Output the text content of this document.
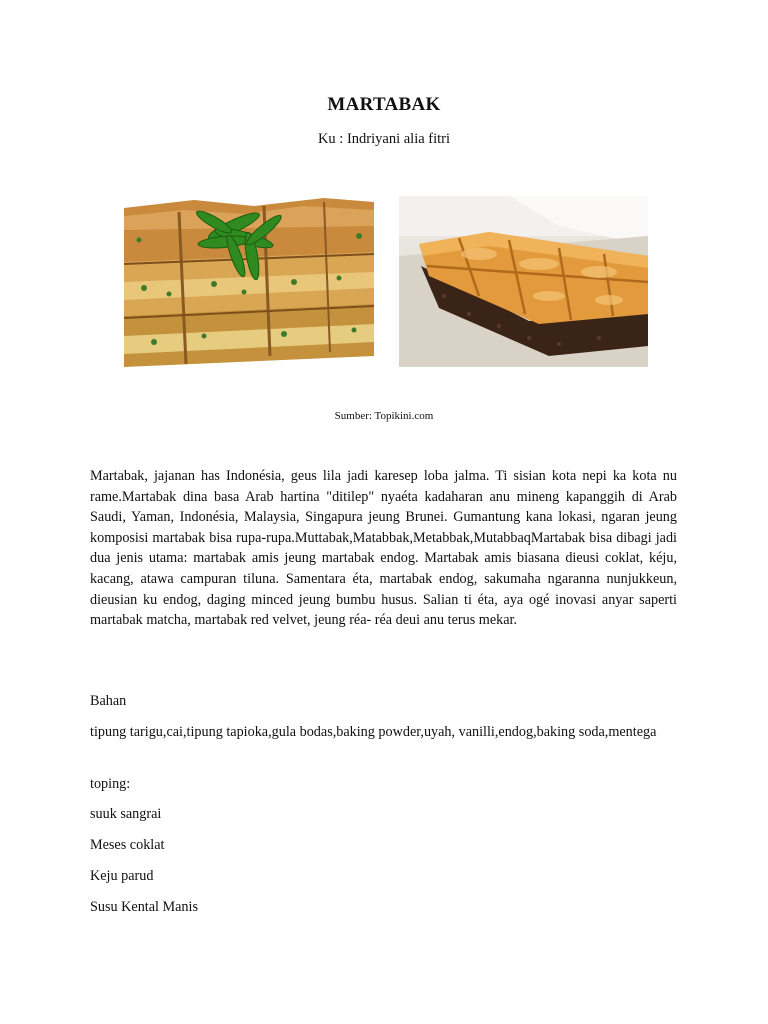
MARTABAK
Ku : Indriyani alia fitri
Sumber: Topikini.com

Martabak, jajanan has Indonésia, geus lila jadi karesep loba jalma. Ti sisian kota nepi ka kota nu rame.Martabak dina basa Arab hartina "ditilep" nyaéta kadaharan anu mineng kapanggih di Arab Saudi, Yaman, Indonésia, Malaysia, Singapura jeung Brunei. Gumantung kana lokasi, ngaran jeung komposisi martabak bisa rupa-rupa.Muttabak,Matabbak,Metabbak,MutabbaqMartabak bisa dibagi jadi dua jenis utama: martabak amis jeung martabak endog. Martabak amis biasana dieusi coklat, kéju, kacang, atawa campuran tiluna. Samentara éta, martabak endog, sakumaha ngaranna nunjukkeun, dieusian ku endog, daging minced jeung bumbu husus. Salian ti éta, aya ogé inovasi anyar saperti martabak matcha, martabak red velvet, jeung réa- réa deui anu terus mekar.

Bahan

tipung tarigu,cai,tipung tapioka,gula bodas,baking powder,uyah, vanilli,endog,baking soda,mentega

toping:

suuk sangrai

Meses coklat

Keju parud

Susu Kental Manis
